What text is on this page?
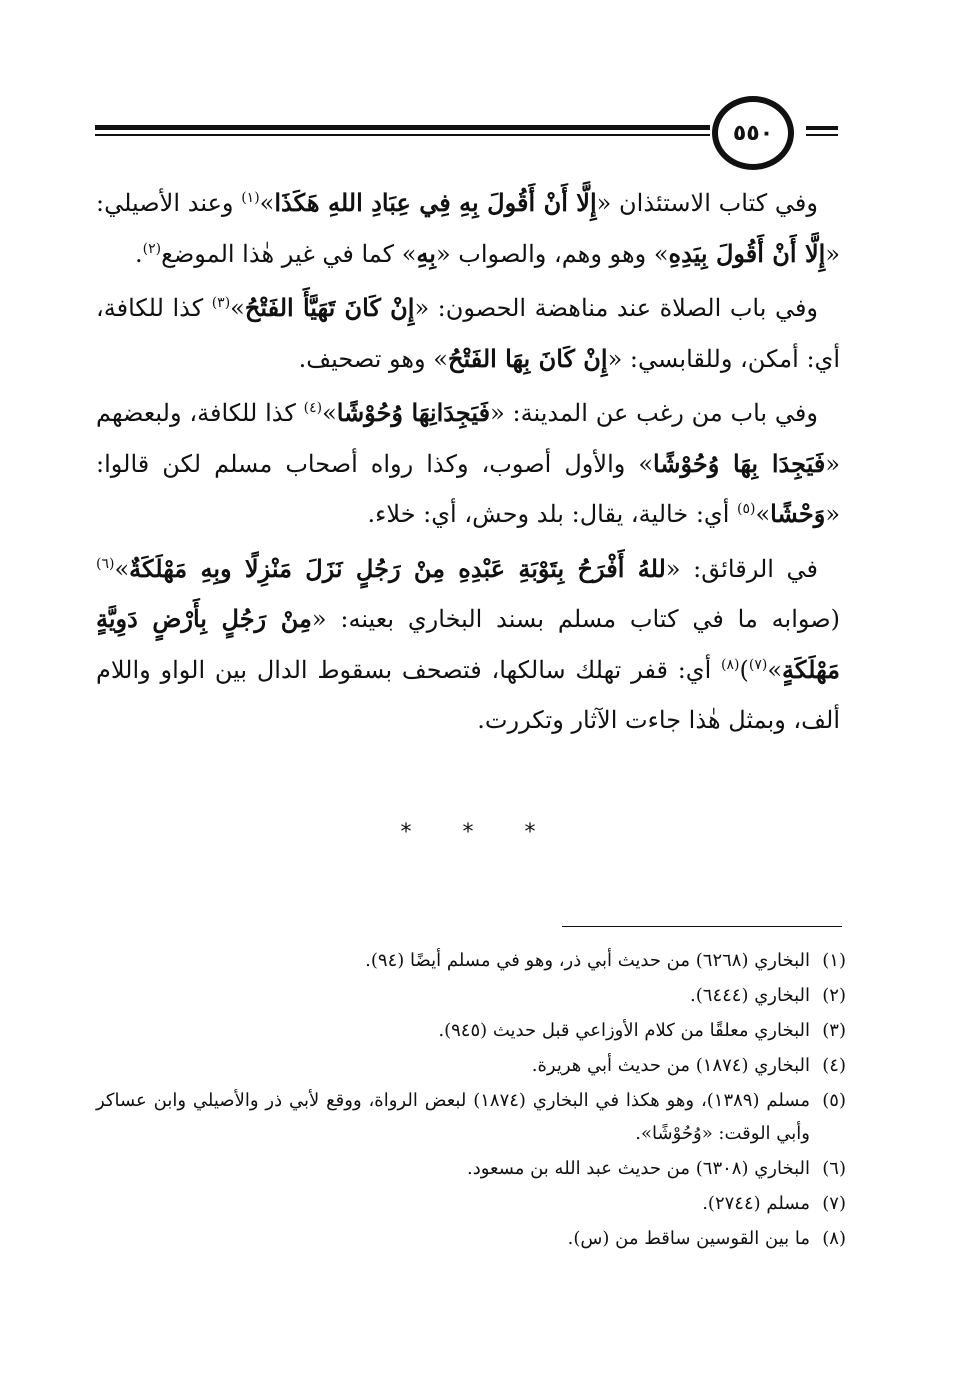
٥٥٠

وفي كتاب الاستئذان «إِلَّا أَنْ أَقُولَ بِهِ فِي عِبَادِ اللهِ هَكَذَا»$^{(١)}$ وعند الأصيلي: «إِلَّا أَنْ أَقُولَ بِيَدِهِ» وهو وهم، والصواب «بِهِ» كما في غير هٰذا الموضع$^{(٢)}$.

وفي باب الصلاة عند مناهضة الحصون: «إِنْ كَانَ تَهَيَّأَ الفَتْحُ»$^{(٣)}$ كذا للكافة، أي: أمكن، وللقابسي: «إِنْ كَانَ بِهَا الفَتْحُ» وهو تصحيف.

وفي باب من رغب عن المدينة: «فَيَجِدَانِهَا وُحُوْشًا»$^{(٤)}$ كذا للكافة، ولبعضهم «فَيَجِدَا بِهَا وُحُوْشًا» والأول أصوب، وكذا رواه أصحاب مسلم لكن قالوا: «وَحْشًا»$^{(٥)}$ أي: خالية، يقال: بلد وحش، أي: خلاء.

في الرقائق: «للهُ أَفْرَحُ بِتَوْبَةِ عَبْدِهِ مِنْ رَجُلٍ نَزَلَ مَنْزِلًا وبِهِ مَهْلَكَةٌ»$^{(٦)}$ (صوابه ما في كتاب مسلم بسند البخاري بعينه: «مِنْ رَجُلٍ بِأَرْضٍ دَوِيَّةٍ مَهْلَكَةٍ»$^{(٧)}$)$^{(٨)}$ أي: قفر تهلك سالكها، فتصحف بسقوط الدال بين الواو واللام ألف، وبمثل هٰذا جاءت الآثار وتكررت.

* * *
(١)
البخاري (٦٢٦٨) من حديث أبي ذر، وهو في مسلم أيضًا (٩٤).
(٢)
البخاري (٦٤٤٤).
(٣)
البخاري معلقًا من كلام الأوزاعي قبل حديث (٩٤٥).
(٤)
البخاري (١٨٧٤) من حديث أبي هريرة.
(٥)
مسلم (١٣٨٩)، وهو هكذا في البخاري (١٨٧٤) لبعض الرواة، ووقع لأبي ذر والأصيلي وابن عساكر وأبي الوقت: «وُحُوْشًا».
(٦)
البخاري (٦٣٠٨) من حديث عبد الله بن مسعود.
(٧)
مسلم (٢٧٤٤).
(٨)
ما بين القوسين ساقط من (س).
